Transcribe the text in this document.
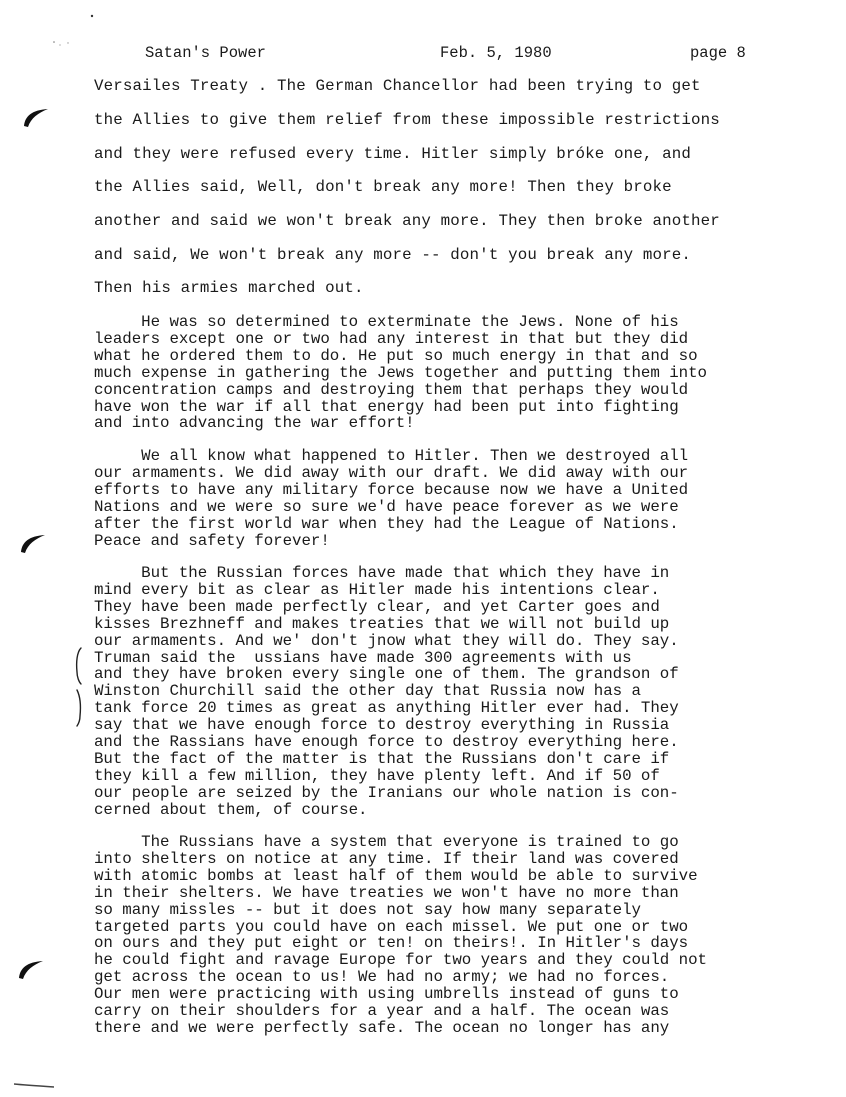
Satan's Power	Feb. 5, 1980	page 8
Versailes Treaty . The German Chancellor had been trying to get
the Allies to give them relief from these impossible restrictions
and they were refused every time. Hitler simply bróke one, and
the Allies said, Well, don't break any more! Then they broke
another and said we won't break any more. They then broke another
and said, We won't break any more -- don't you break any more.
Then his armies marched out.
He was so determined to exterminate the Jews. None of his
leaders except one or two had any interest in that but they did
what he ordered them to do. He put so much energy in that and so
much expense in gathering the Jews together and putting them into
concentration camps and destroying them that perhaps they would
have won the war if all that energy had been put into fighting
and into advancing the war effort!
We all know what happened to Hitler. Then we destroyed all
our armaments. We did away with our draft. We did away with our
efforts to have any military force because now we have a United
Nations and we were so sure we'd have peace forever as we were
after the first world war when they had the League of Nations.
Peace and safety forever!
But the Russian forces have made that which they have in
mind every bit as clear as Hitler made his intentions clear.
They have been made perfectly clear, and yet Carter goes and
kisses Brezhneff and makes treaties that we will not build up
our armaments. And we' don't jnow what they will do. They say.
Truman said the  ussians have made 300 agreements with us
and they have broken every single one of them. The grandson of
Winston Churchill said the other day that Russia now has a
tank force 20 times as great as anything Hitler ever had. They
say that we have enough force to destroy everything in Russia
and the Rassians have enough force to destroy everything here.
But the fact of the matter is that the Russians don't care if
they kill a few million, they have plenty left. And if 50 of
our people are seized by the Iranians our whole nation is con-
cerned about them, of course.
The Russians have a system that everyone is trained to go
into shelters on notice at any time. If their land was covered
with atomic bombs at least half of them would be able to survive
in their shelters. We have treaties we won't have no more than
so many missles -- but it does not say how many separately
targeted parts you could have on each missel. We put one or two
on ours and they put eight or ten! on theirs!. In Hitler's days
he could fight and ravage Europe for two years and they could not
get across the ocean to us! We had no army; we had no forces.
Our men were practicing with using umbrells instead of guns to
carry on their shoulders for a year and a half. The ocean was
there and we were perfectly safe. The ocean no longer has any
